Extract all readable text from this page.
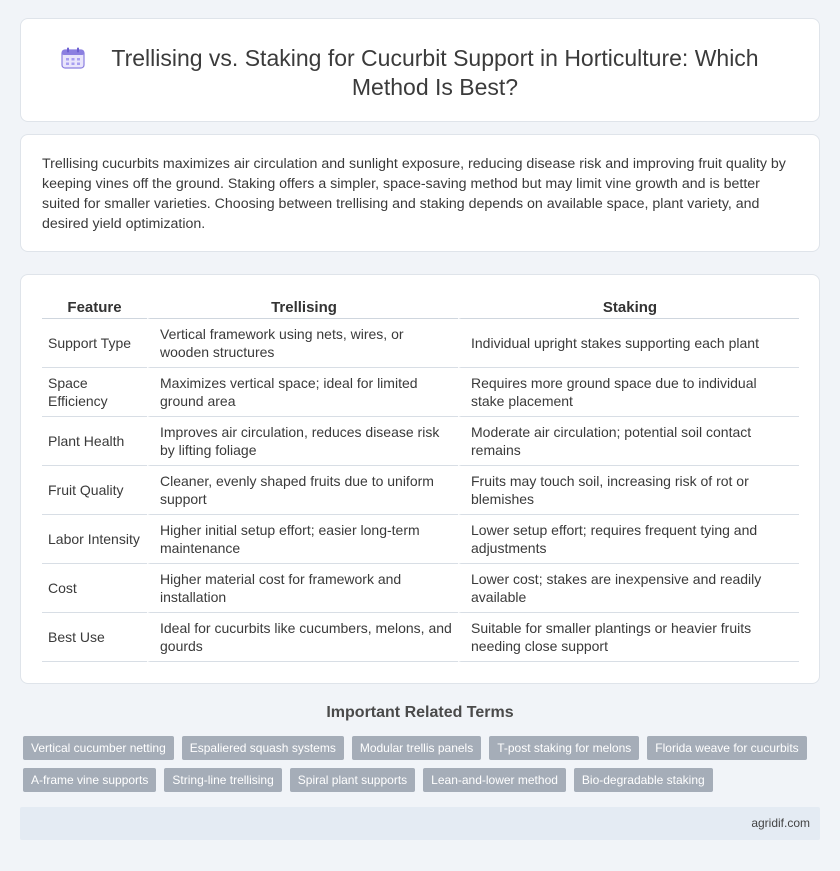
Trellising vs. Staking for Cucurbit Support in Horticulture: Which Method Is Best?

Trellising cucurbits maximizes air circulation and sunlight exposure, reducing disease risk and improving fruit quality by keeping vines off the ground. Staking offers a simpler, space-saving method but may limit vine growth and is better suited for smaller varieties. Choosing between trellising and staking depends on available space, plant variety, and desired yield optimization.

Feature	Trellising	Staking
Support Type	Vertical framework using nets, wires, or wooden structures	Individual upright stakes supporting each plant
Space Efficiency	Maximizes vertical space; ideal for limited ground area	Requires more ground space due to individual stake placement
Plant Health	Improves air circulation, reduces disease risk by lifting foliage	Moderate air circulation; potential soil contact remains
Fruit Quality	Cleaner, evenly shaped fruits due to uniform support	Fruits may touch soil, increasing risk of rot or blemishes
Labor Intensity	Higher initial setup effort; easier long-term maintenance	Lower setup effort; requires frequent tying and adjustments
Cost	Higher material cost for framework and installation	Lower cost; stakes are inexpensive and readily available
Best Use	Ideal for cucurbits like cucumbers, melons, and gourds	Suitable for smaller plantings or heavier fruits needing close support
Important Related Terms
Vertical cucumber netting	Espaliered squash systems	Modular trellis panels	T-post staking for melons	Florida weave for cucurbits
A-frame vine supports	String-line trellising	Spiral plant supports	Lean-and-lower method	Bio-degradable staking
agridif.com
